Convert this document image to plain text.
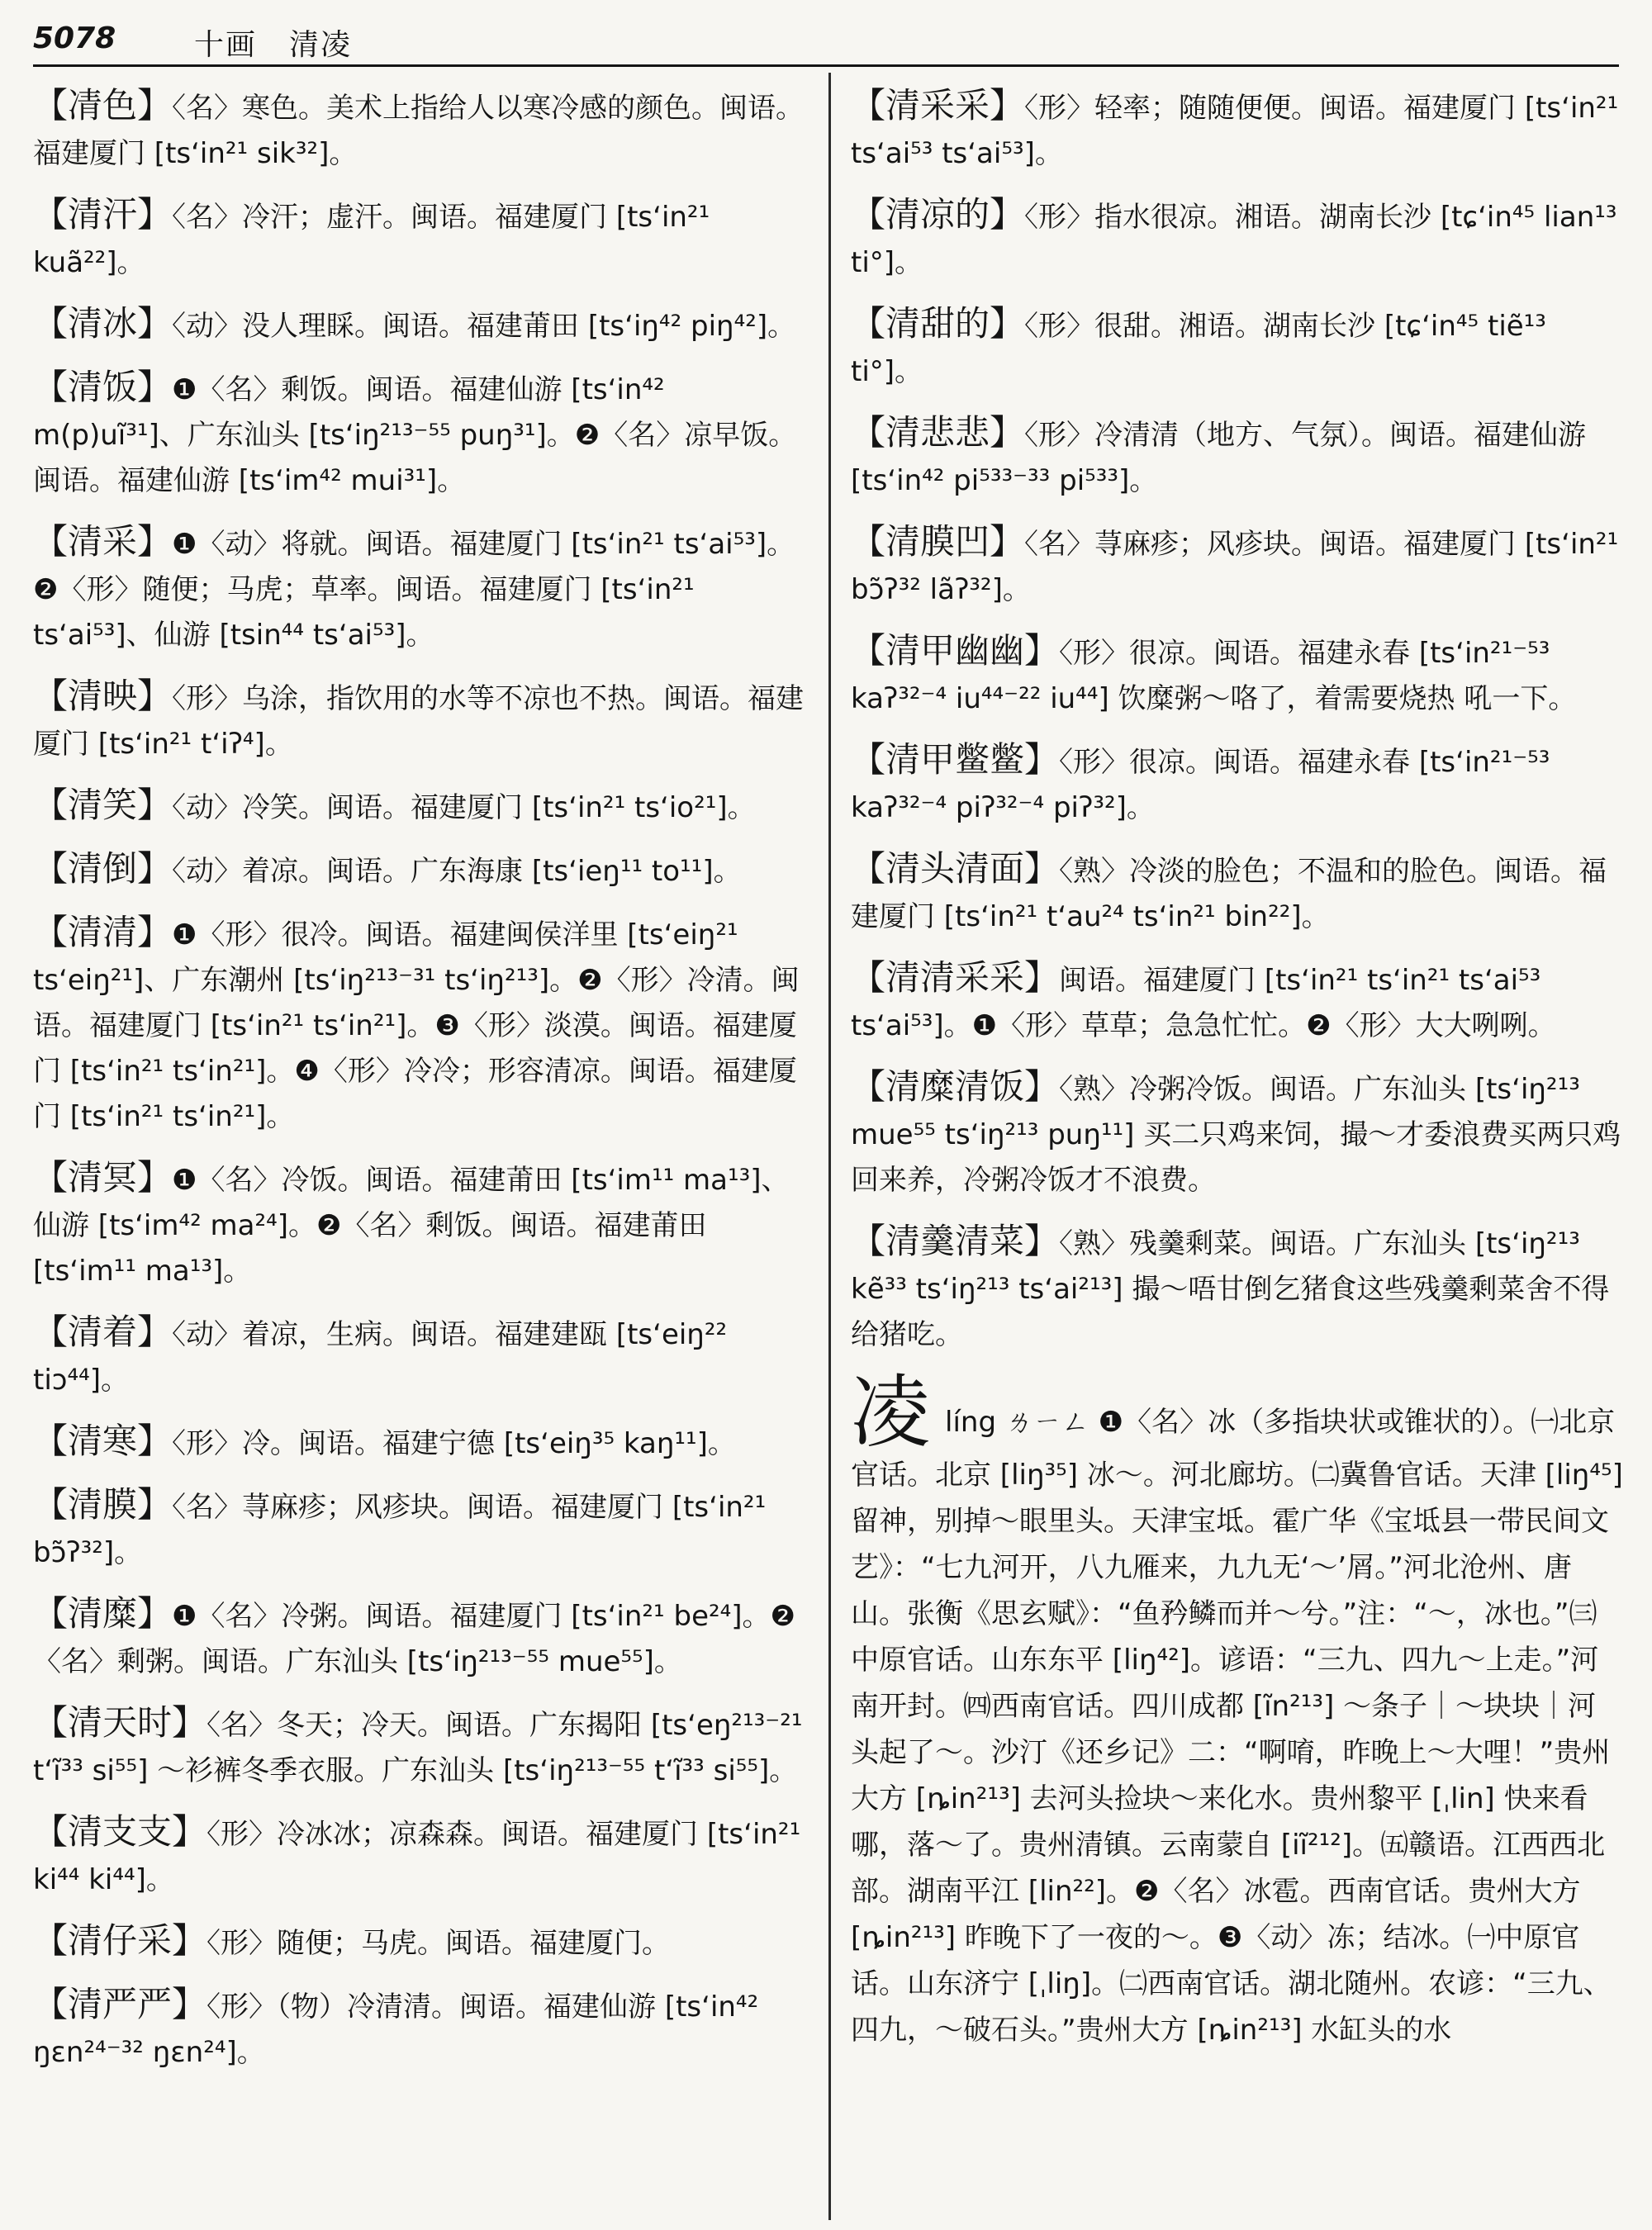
5078	十画 清凌
【凊色】〈名〉寒色。美术上指给人以寒冷感的颜色。闽语。福建厦门 [tsʻin²¹ sik³²]。
【清汗】〈名〉冷汗；虚汗。闽语。福建厦门 [tsʻin²¹ kuã²²]。
【清冰】〈动〉没人理睬。闽语。福建莆田 [tsʻiŋ⁴² piŋ⁴²]。
【清饭】❶〈名〉剩饭。闽语。福建仙游 [tsʻin⁴² m(p)uĩ³¹]、广东汕头 [tsʻiŋ²¹³⁻⁵⁵ puŋ³¹]。❷〈名〉凉早饭。闽语。福建仙游 [tsʻim⁴² mui³¹]。
【清采】❶〈动〉将就。闽语。福建厦门 [tsʻin²¹ tsʻai⁵³]。❷〈形〉随便；马虎；草率。闽语。福建厦门 [tsʻin²¹ tsʻai⁵³]、仙游 [tsin⁴⁴ tsʻai⁵³]。
【清映】〈形〉乌涂，指饮用的水等不凉也不热。闽语。福建厦门 [tsʻin²¹ tʻiʔ⁴]。
【清笑】〈动〉冷笑。闽语。福建厦门 [tsʻin²¹ tsʻio²¹]。
【清倒】〈动〉着凉。闽语。广东海康 [tsʻieŋ¹¹ to¹¹]。
【清清】❶〈形〉很冷。闽语。福建闽侯洋里 [tsʻeiŋ²¹ tsʻeiŋ²¹]、广东潮州 [tsʻiŋ²¹³⁻³¹ tsʻiŋ²¹³]。❷〈形〉冷清。闽语。福建厦门 [tsʻin²¹ tsʻin²¹]。❸〈形〉淡漠。闽语。福建厦门 [tsʻin²¹ tsʻin²¹]。❹〈形〉冷冷；形容清凉。闽语。福建厦门 [tsʻin²¹ tsʻin²¹]。
【清冥】❶〈名〉冷饭。闽语。福建莆田 [tsʻim¹¹ ma¹³]、仙游 [tsʻim⁴² ma²⁴]。❷〈名〉剩饭。闽语。福建莆田 [tsʻim¹¹ ma¹³]。
【清着】〈动〉着凉，生病。闽语。福建建瓯 [tsʻeiŋ²² tiɔ⁴⁴]。
【清寒】〈形〉冷。闽语。福建宁德 [tsʻeiŋ³⁵ kaŋ¹¹]。
【清膜】〈名〉荨麻疹；风疹块。闽语。福建厦门 [tsʻin²¹ bɔ̃ʔ³²]。
【清糜】❶〈名〉冷粥。闽语。福建厦门 [tsʻin²¹ be²⁴]。❷〈名〉剩粥。闽语。广东汕头 [tsʻiŋ²¹³⁻⁵⁵ mue⁵⁵]。
【清天时】〈名〉冬天；冷天。闽语。广东揭阳 [tsʻeŋ²¹³⁻²¹ tʻĩ³³ si⁵⁵] ～衫裤冬季衣服。广东汕头 [tsʻiŋ²¹³⁻⁵⁵ tʻĩ³³ si⁵⁵]。
【清支支】〈形〉冷冰冰；凉森森。闽语。福建厦门 [tsʻin²¹ ki⁴⁴ ki⁴⁴]。
【清仔采】〈形〉随便；马虎。闽语。福建厦门。
【清严严】〈形〉（物）冷清清。闽语。福建仙游 [tsʻin⁴² ŋɛn²⁴⁻³² ŋɛn²⁴]。
【清采采】〈形〉轻率；随随便便。闽语。福建厦门 [tsʻin²¹ tsʻai⁵³ tsʻai⁵³]。
【清凉的】〈形〉指水很凉。湘语。湖南长沙 [tɕʻin⁴⁵ lian¹³ ti°]。
【清甜的】〈形〉很甜。湘语。湖南长沙 [tɕʻin⁴⁵ tiẽ¹³ ti°]。
【清悲悲】〈形〉冷清清（地方、气氛）。闽语。福建仙游 [tsʻin⁴² pi⁵³³⁻³³ pi⁵³³]。
【清膜凹】〈名〉荨麻疹；风疹块。闽语。福建厦门 [tsʻin²¹ bɔ̃ʔ³² lãʔ³²]。
【清甲幽幽】〈形〉很凉。闽语。福建永春 [tsʻin²¹⁻⁵³ kaʔ³²⁻⁴ iu⁴⁴⁻²² iu⁴⁴] 饮糜粥～咯了，着需要烧热 吼一下。
【清甲鳖鳖】〈形〉很凉。闽语。福建永春 [tsʻin²¹⁻⁵³ kaʔ³²⁻⁴ piʔ³²⁻⁴ piʔ³²]。
【清头清面】〈熟〉冷淡的脸色；不温和的脸色。闽语。福建厦门 [tsʻin²¹ tʻau²⁴ tsʻin²¹ bin²²]。
【清清采采】闽语。福建厦门 [tsʻin²¹ tsʻin²¹ tsʻai⁵³ tsʻai⁵³]。❶〈形〉草草；急急忙忙。❷〈形〉大大咧咧。
【清糜清饭】〈熟〉冷粥冷饭。闽语。广东汕头 [tsʻiŋ²¹³ mue⁵⁵ tsʻiŋ²¹³ puŋ¹¹] 买二只鸡来饲，撮～才委浪费买两只鸡回来养，冷粥冷饭才不浪费。
【清羹清菜】〈熟〉残羹剩菜。闽语。广东汕头 [tsʻiŋ²¹³ kẽ³³ tsʻiŋ²¹³ tsʻai²¹³] 撮～唔甘倒乞猪食这些残羹剩菜舍不得给猪吃。
凌líng ㄌㄧㄥ ❶〈名〉冰（多指块状或锥状的）。㈠北京官话。北京 [liŋ³⁵] 冰～。河北廊坊。㈡冀鲁官话。天津 [liŋ⁴⁵] 留神，别掉～眼里头。天津宝坻。霍广华《宝坻县一带民间文艺》：“七九河开，八九雁来，九九无‘～’屑。”河北沧州、唐山。张衡《思玄赋》：“鱼矜鳞而并～兮。”注：“～，冰也。”㈢中原官话。山东东平 [liŋ⁴²]。谚语：“三九、四九～上走。”河南开封。㈣西南官话。四川成都 [ĩn²¹³] ～条子｜～块块｜河头起了～。沙汀《还乡记》二：“啊唷，昨晚上～大哩！”贵州大方 [ȵin²¹³] 去河头捡块～来化水。贵州黎平 [ˌlin] 快来看哪，落～了。贵州清镇。云南蒙自 [iĩ²¹²]。㈤赣语。江西西北部。湖南平江 [lin²²]。❷〈名〉冰雹。西南官话。贵州大方 [ȵin²¹³] 昨晚下了一夜的～。❸〈动〉冻；结冰。㈠中原官话。山东济宁 [ˌliŋ]。㈡西南官话。湖北随州。农谚：“三九、四九，～破石头。”贵州大方 [ȵin²¹³] 水缸头的水
